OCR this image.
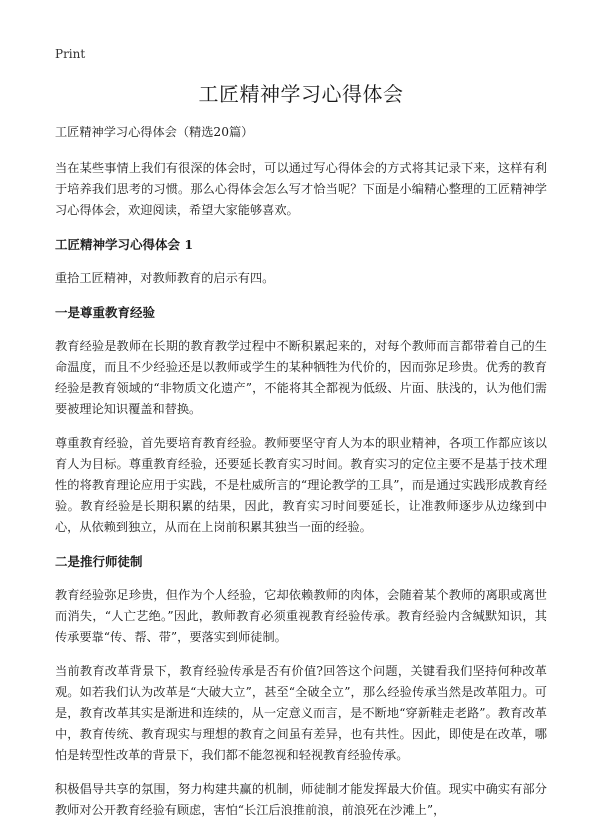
Print
工匠精神学习心得体会

工匠精神学习心得体会（精选20篇）

当在某些事情上我们有很深的体会时，可以通过写心得体会的方式将其记录下来，这样有利于培养我们思考的习惯。那么心得体会怎么写才恰当呢？下面是小编精心整理的工匠精神学习心得体会，欢迎阅读，希望大家能够喜欢。

工匠精神学习心得体会 1

重拾工匠精神，对教师教育的启示有四。

一是尊重教育经验

教育经验是教师在长期的教育教学过程中不断积累起来的，对每个教师而言都带着自己的生命温度，而且不少经验还是以教师或学生的某种牺牲为代价的，因而弥足珍贵。优秀的教育经验是教育领域的“非物质文化遗产”，不能将其全都视为低级、片面、肤浅的，认为他们需要被理论知识覆盖和替换。

尊重教育经验，首先要培育教育经验。教师要坚守育人为本的职业精神，各项工作都应该以育人为目标。尊重教育经验，还要延长教育实习时间。教育实习的定位主要不是基于技术理性的将教育理论应用于实践，不是杜威所言的“理论教学的工具”，而是通过实践形成教育经验。教育经验是长期积累的结果，因此，教育实习时间要延长，让准教师逐步从边缘到中心，从依赖到独立，从而在上岗前积累其独当一面的经验。

二是推行师徒制

教育经验弥足珍贵，但作为个人经验，它却依赖教师的肉体，会随着某个教师的离职或离世而消失，“人亡艺绝。”因此，教师教育必须重视教育经验传承。教育经验内含缄默知识，其传承要靠“传、帮、带”，要落实到师徒制。

当前教育改革背景下，教育经验传承是否有价值?回答这个问题，关键看我们坚持何种改革观。如若我们认为改革是“大破大立”，甚至“全破全立”，那么经验传承当然是改革阻力。可是，教育改革其实是渐进和连续的，从一定意义而言，是不断地“穿新鞋走老路”。教育改革中，教育传统、教育现实与理想的教育之间虽有差异，也有共性。因此，即使是在改革，哪怕是转型性改革的背景下，我们都不能忽视和轻视教育经验传承。

积极倡导共享的氛围，努力构建共赢的机制，师徒制才能发挥最大价值。现实中确实有部分教师对公开教育经验有顾虑，害怕“长江后浪推前浪，前浪死在沙滩上”，
